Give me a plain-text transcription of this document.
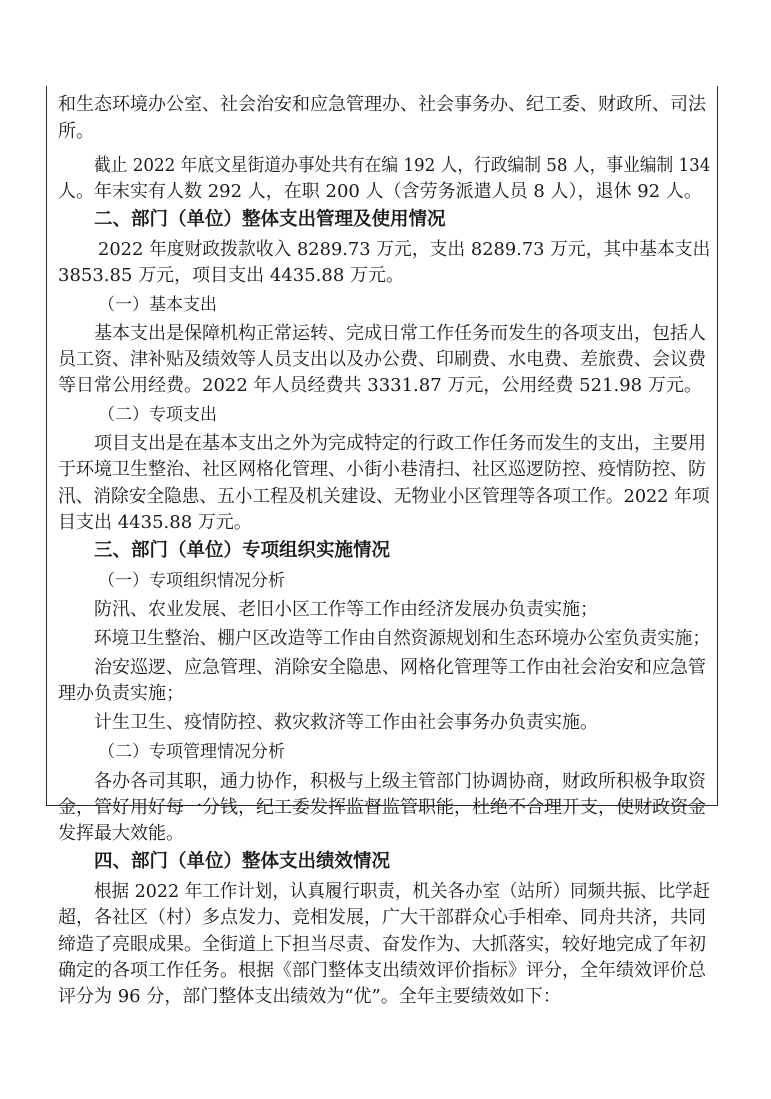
和生态环境办公室、社会治安和应急管理办、社会事务办、纪工委、财政所、司法
所。
截止 2022 年底文星街道办事处共有在编 192 人，行政编制 58 人，事业编制 134
人。年末实有人数 292 人，在职 200 人（含劳务派遣人员 8 人），退休 92 人。
二、部门（单位）整体支出管理及使用情况
2022 年度财政拨款收入 8289.73 万元，支出 8289.73 万元，其中基本支出
3853.85 万元，项目支出 4435.88 万元。
（一）基本支出
基本支出是保障机构正常运转、完成日常工作任务而发生的各项支出，包括人
员工资、津补贴及绩效等人员支出以及办公费、印刷费、水电费、差旅费、会议费
等日常公用经费。2022 年人员经费共 3331.87 万元，公用经费 521.98 万元。
（二）专项支出
项目支出是在基本支出之外为完成特定的行政工作任务而发生的支出，主要用
于环境卫生整治、社区网格化管理、小街小巷清扫、社区巡逻防控、疫情防控、防
汛、消除安全隐患、五小工程及机关建设、无物业小区管理等各项工作。2022 年项
目支出 4435.88 万元。
三、部门（单位）专项组织实施情况
（一）专项组织情况分析
防汛、农业发展、老旧小区工作等工作由经济发展办负责实施；
环境卫生整治、棚户区改造等工作由自然资源规划和生态环境办公室负责实施；
治安巡逻、应急管理、消除安全隐患、网格化管理等工作由社会治安和应急管
理办负责实施；
计生卫生、疫情防控、救灾救济等工作由社会事务办负责实施。
（二）专项管理情况分析
各办各司其职，通力协作，积极与上级主管部门协调协商，财政所积极争取资
金，管好用好每一分钱，纪工委发挥监督监管职能，杜绝不合理开支，使财政资金
发挥最大效能。
四、部门（单位）整体支出绩效情况
根据 2022 年工作计划，认真履行职责，机关各办室（站所）同频共振、比学赶
超，各社区（村）多点发力、竞相发展，广大干部群众心手相牵、同舟共济，共同
缔造了亮眼成果。全街道上下担当尽责、奋发作为、大抓落实，较好地完成了年初
确定的各项工作任务。根据《部门整体支出绩效评价指标》评分，全年绩效评价总
评分为 96 分，部门整体支出绩效为“优”。全年主要绩效如下：
